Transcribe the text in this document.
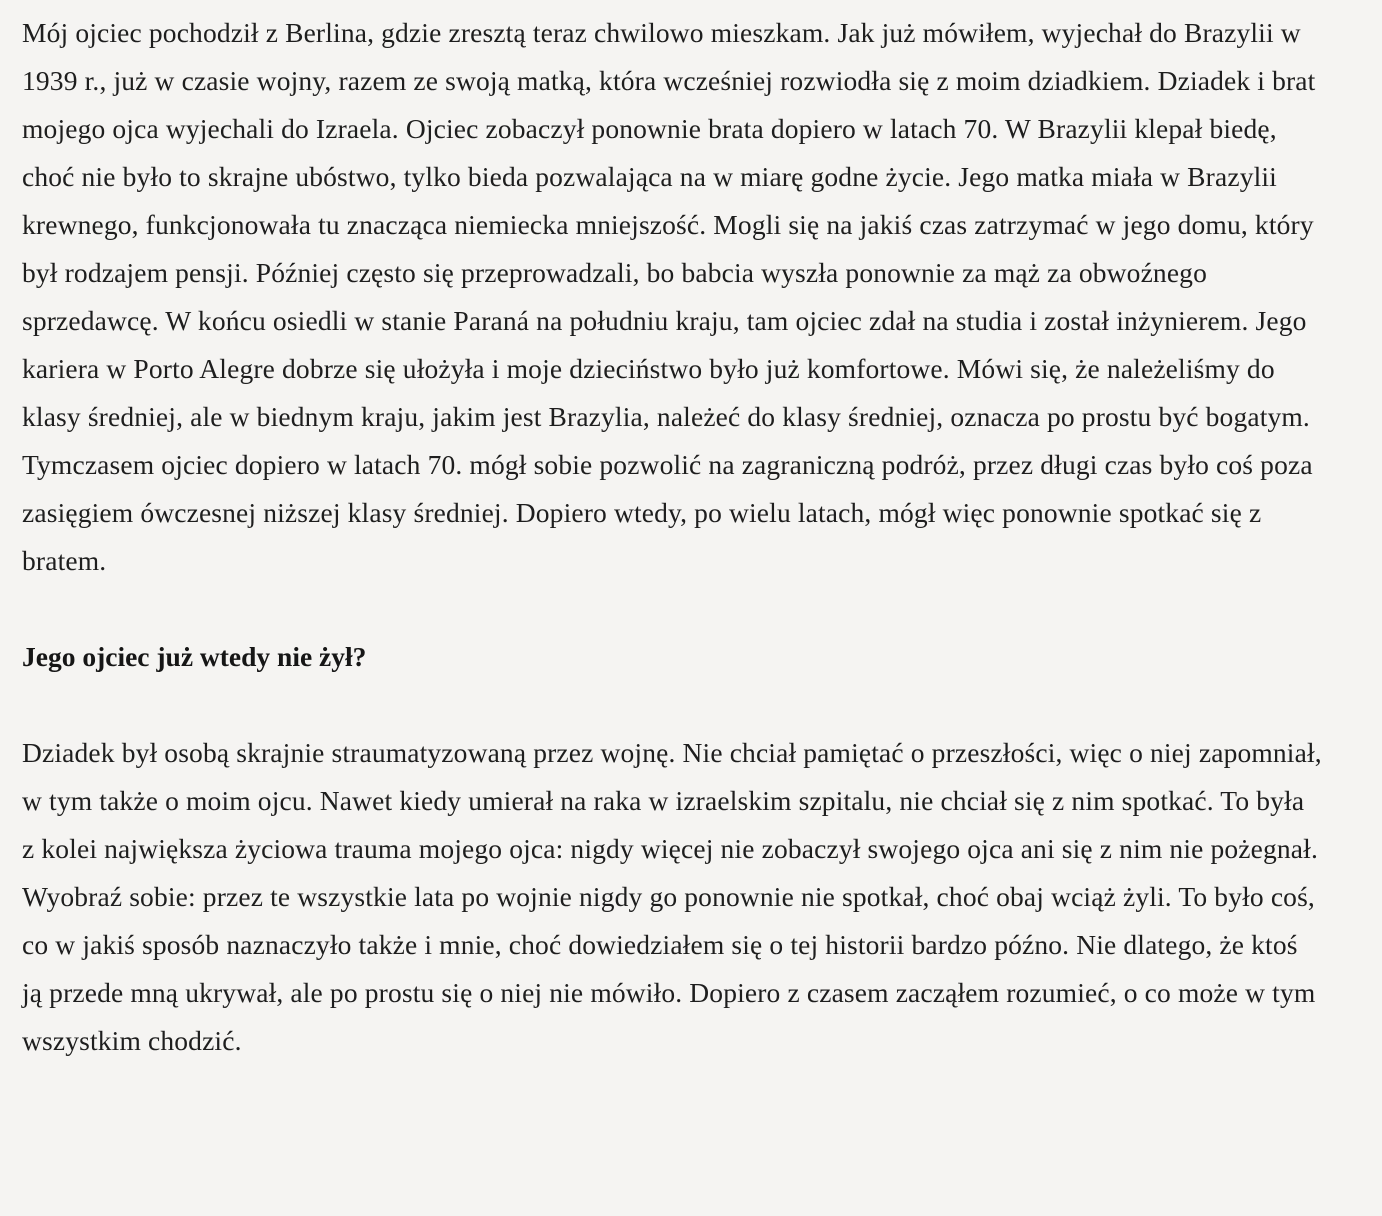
Mój ojciec pochodził z Berlina, gdzie zresztą teraz chwilowo mieszkam. Jak już mówiłem, wyjechał do Brazylii w 1939 r., już w czasie wojny, razem ze swoją matką, która wcześniej rozwiodła się z moim dziadkiem. Dziadek i brat mojego ojca wyjechali do Izraela. Ojciec zobaczył ponownie brata dopiero w latach 70. W Brazylii klepał biedę, choć nie było to skrajne ubóstwo, tylko bieda pozwalająca na w miarę godne życie. Jego matka miała w Brazylii krewnego, funkcjonowała tu znacząca niemiecka mniejszość. Mogli się na jakiś czas zatrzymać w jego domu, który był rodzajem pensji. Później często się przeprowadzali, bo babcia wyszła ponownie za mąż za obwoźnego sprzedawcę. W końcu osiedli w stanie Paraná na południu kraju, tam ojciec zdał na studia i został inżynierem. Jego kariera w Porto Alegre dobrze się ułożyła i moje dzieciństwo było już komfortowe. Mówi się, że należeliśmy do klasy średniej, ale w biednym kraju, jakim jest Brazylia, należeć do klasy średniej, oznacza po prostu być bogatym. Tymczasem ojciec dopiero w latach 70. mógł sobie pozwolić na zagraniczną podróż, przez długi czas było coś poza zasięgiem ówczesnej niższej klasy średniej. Dopiero wtedy, po wielu latach, mógł więc ponownie spotkać się z bratem.

Jego ojciec już wtedy nie żył?

Dziadek był osobą skrajnie straumatyzowaną przez wojnę. Nie chciał pamiętać o przeszłości, więc o niej zapomniał, w tym także o moim ojcu. Nawet kiedy umierał na raka w izraelskim szpitalu, nie chciał się z nim spotkać. To była z kolei największa życiowa trauma mojego ojca: nigdy więcej nie zobaczył swojego ojca ani się z nim nie pożegnał. Wyobraź sobie: przez te wszystkie lata po wojnie nigdy go ponownie nie spotkał, choć obaj wciąż żyli. To było coś, co w jakiś sposób naznaczyło także i mnie, choć dowiedziałem się o tej historii bardzo późno. Nie dlatego, że ktoś ją przede mną ukrywał, ale po prostu się o niej nie mówiło. Dopiero z czasem zacząłem rozumieć, o co może w tym wszystkim chodzić.
